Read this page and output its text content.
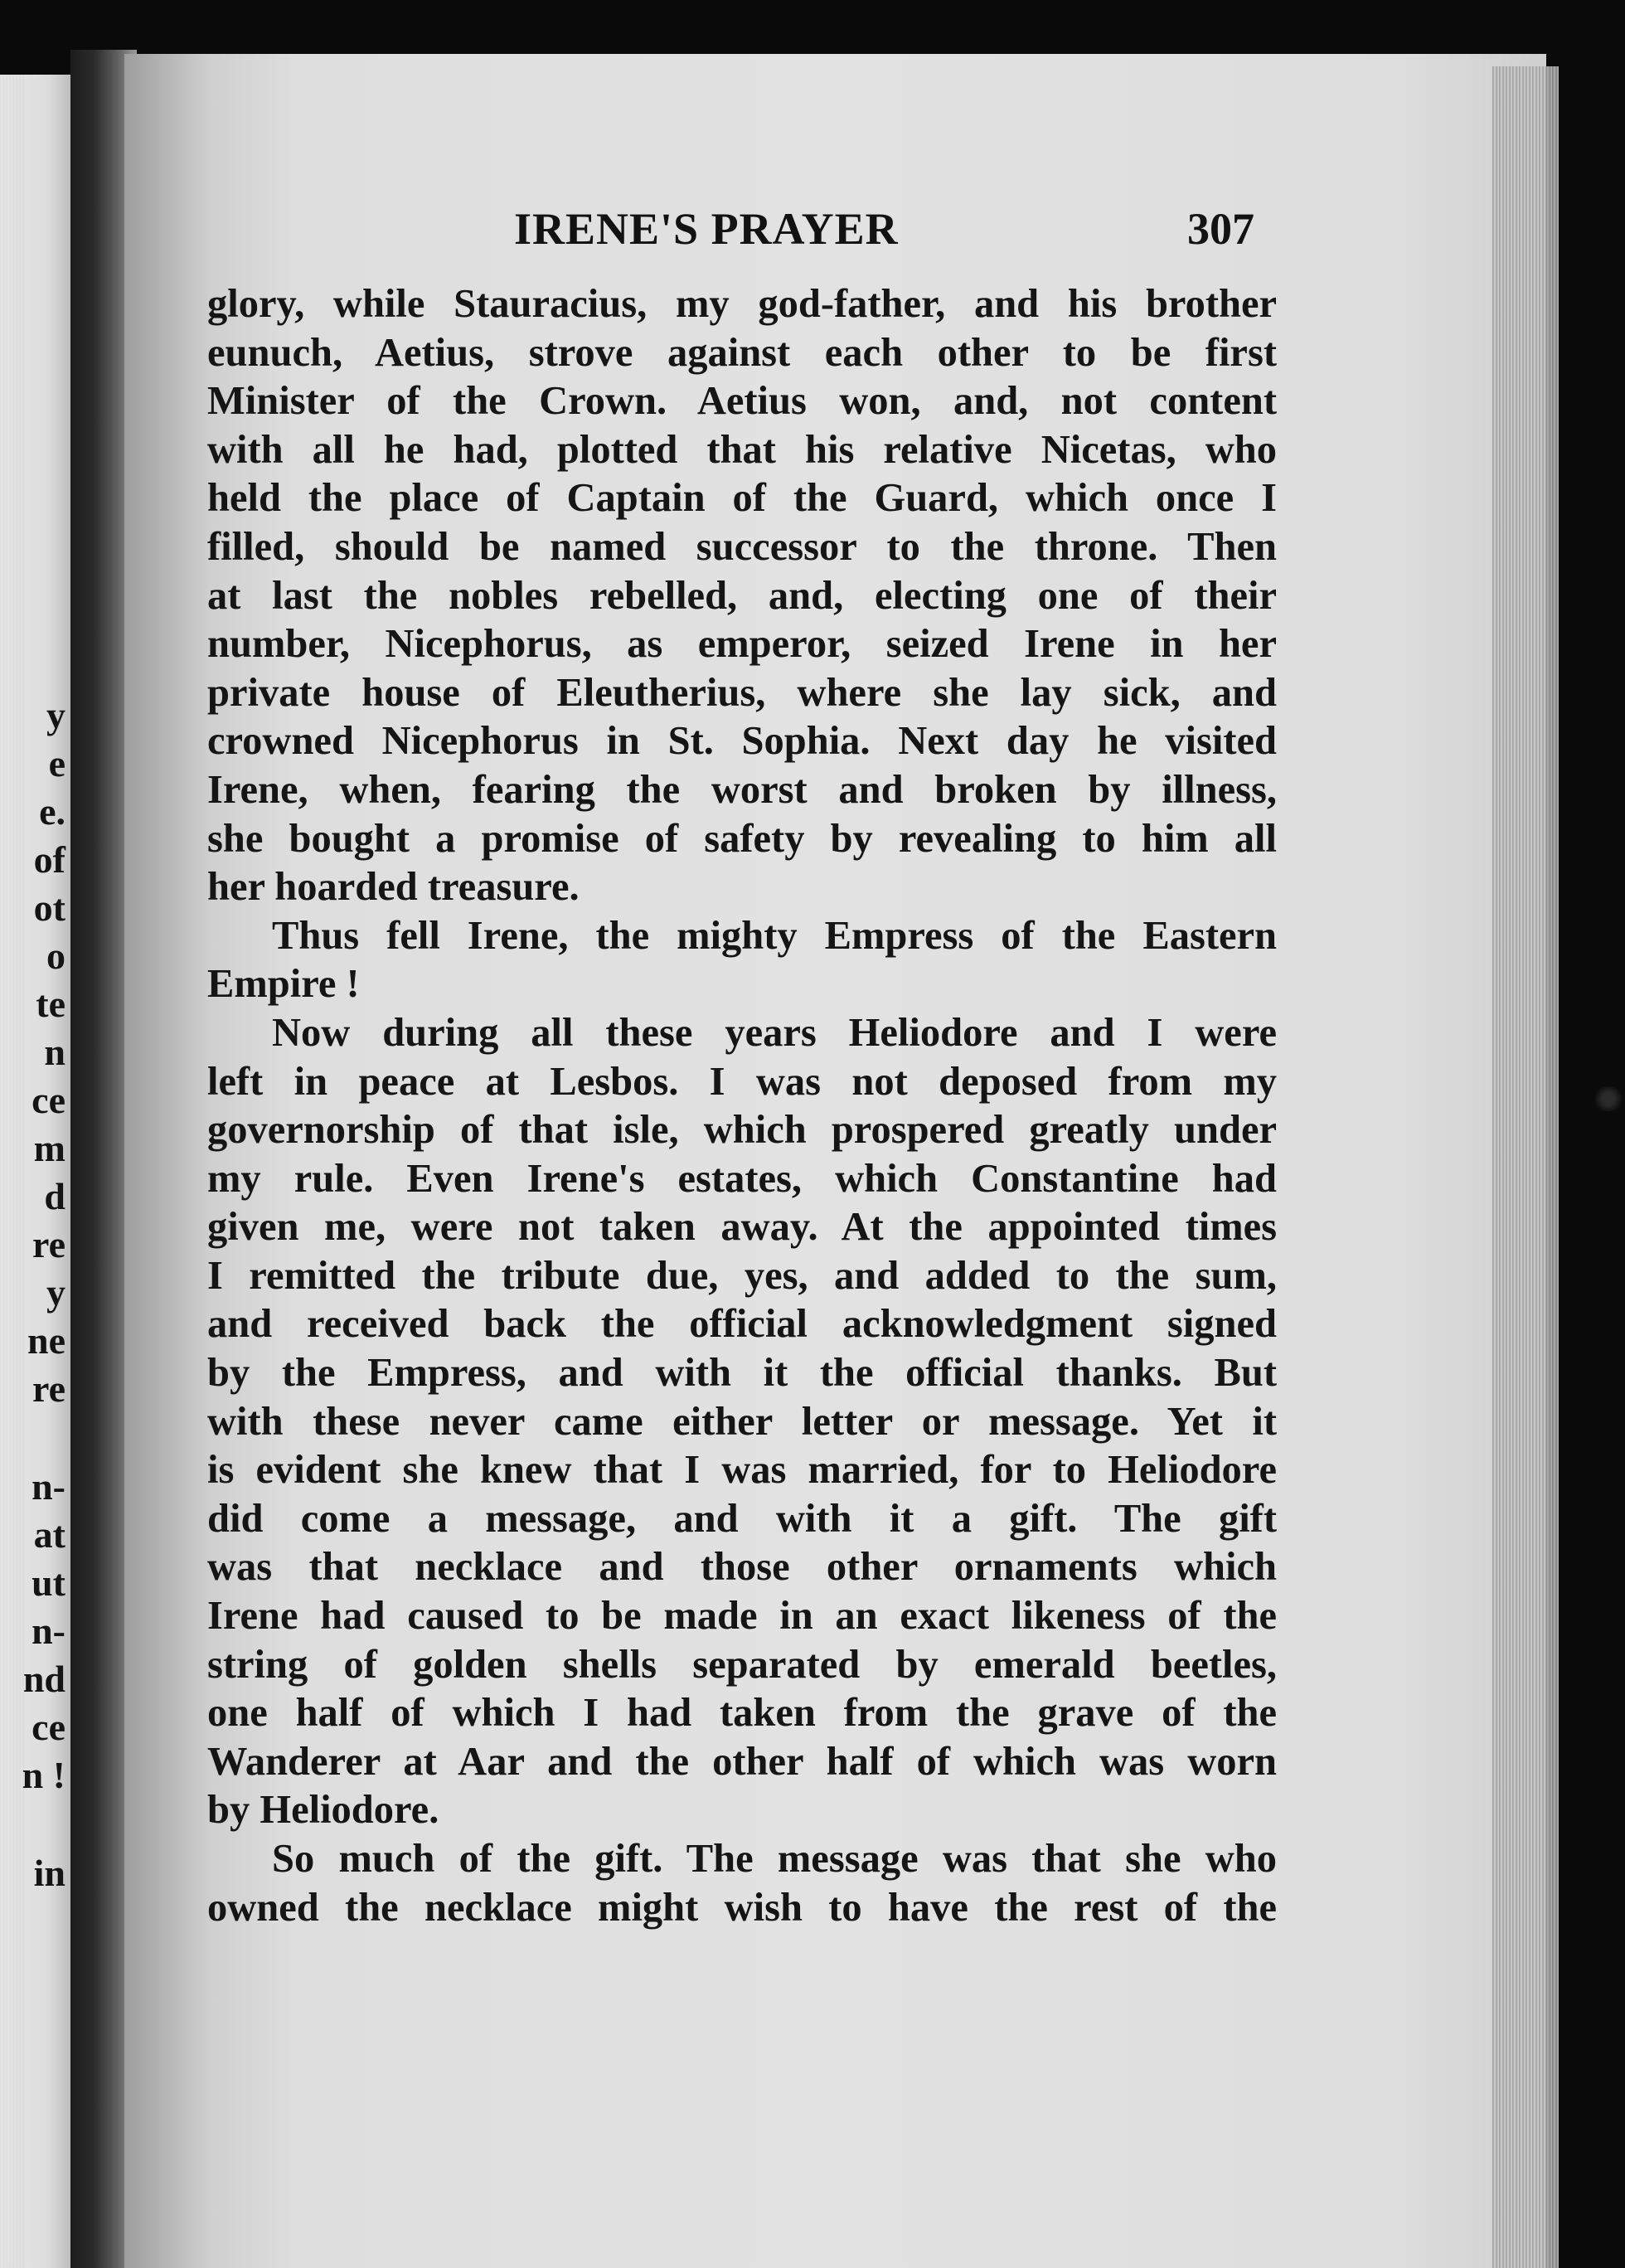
y
e
e.
of
ot
o
te
n
ce
m
d
re
y
ne
re
n-
at
ut
n-
nd
ce
n !
in
IRENE'S PRAYER	307
glory, while Stauracius, my god-father, and his brother
eunuch, Aetius, strove against each other to be first
Minister of the Crown. Aetius won, and, not content
with all he had, plotted that his relative Nicetas, who
held the place of Captain of the Guard, which once I
filled, should be named successor to the throne. Then
at last the nobles rebelled, and, electing one of their
number, Nicephorus, as emperor, seized Irene in her
private house of Eleutherius, where she lay sick, and
crowned Nicephorus in St. Sophia. Next day he visited
Irene, when, fearing the worst and broken by illness,
she bought a promise of safety by revealing to him all
her hoarded treasure.
Thus fell Irene, the mighty Empress of the Eastern
Empire !
Now during all these years Heliodore and I were
left in peace at Lesbos. I was not deposed from my
governorship of that isle, which prospered greatly under
my rule. Even Irene's estates, which Constantine had
given me, were not taken away. At the appointed times
I remitted the tribute due, yes, and added to the sum,
and received back the official acknowledgment signed
by the Empress, and with it the official thanks. But
with these never came either letter or message. Yet it
is evident she knew that I was married, for to Heliodore
did come a message, and with it a gift. The gift
was that necklace and those other ornaments which
Irene had caused to be made in an exact likeness of the
string of golden shells separated by emerald beetles,
one half of which I had taken from the grave of the
Wanderer at Aar and the other half of which was worn
by Heliodore.
So much of the gift. The message was that she who
owned the necklace might wish to have the rest of the
